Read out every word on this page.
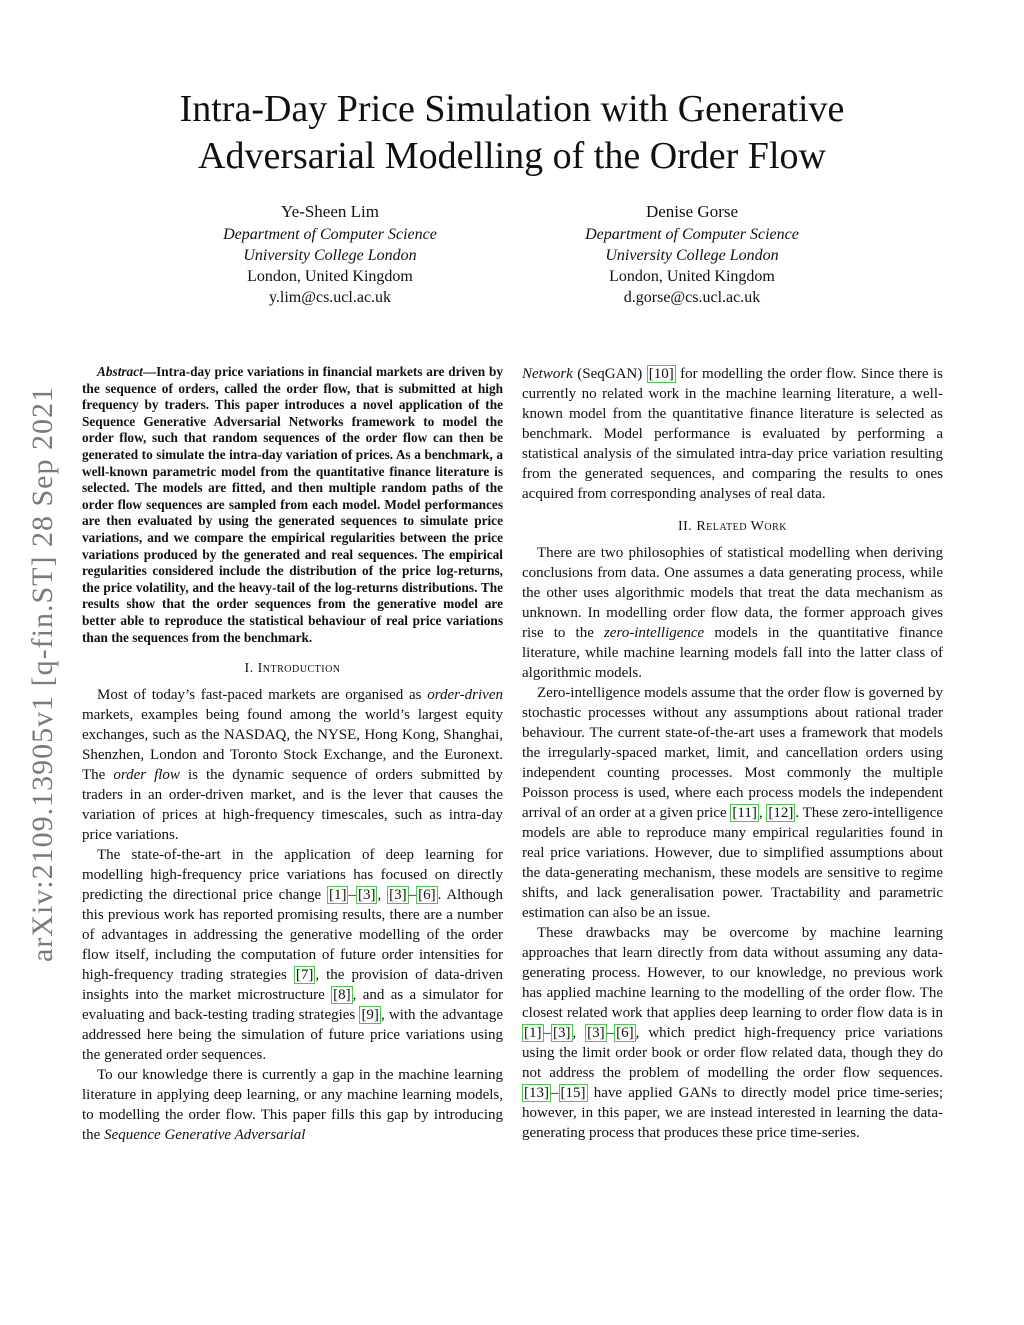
arXiv:2109.13905v1 [q-fin.ST] 28 Sep 2021
Intra-Day Price Simulation with Generative Adversarial Modelling of the Order Flow
Ye-Sheen Lim
Department of Computer Science
University College London
London, United Kingdom
y.lim@cs.ucl.ac.uk
Denise Gorse
Department of Computer Science
University College London
London, United Kingdom
d.gorse@cs.ucl.ac.uk

Abstract—Intra-day price variations in financial markets are driven by the sequence of orders, called the order flow, that is submitted at high frequency by traders. This paper introduces a novel application of the Sequence Generative Adversarial Networks framework to model the order flow, such that random sequences of the order flow can then be generated to simulate the intra-day variation of prices. As a benchmark, a well-known parametric model from the quantitative finance literature is selected. The models are fitted, and then multiple random paths of the order flow sequences are sampled from each model. Model performances are then evaluated by using the generated sequences to simulate price variations, and we compare the empirical regularities between the price variations produced by the generated and real sequences. The empirical regularities considered include the distribution of the price log-returns, the price volatility, and the heavy-tail of the log-returns distributions. The results show that the order sequences from the generative model are better able to reproduce the statistical behaviour of real price variations than the sequences from the benchmark.

I. Introduction

Most of today’s fast-paced markets are organised as order-driven markets, examples being found among the world’s largest equity exchanges, such as the NASDAQ, the NYSE, Hong Kong, Shanghai, Shenzhen, London and Toronto Stock Exchange, and the Euronext. The order flow is the dynamic sequence of orders submitted by traders in an order-driven market, and is the lever that causes the variation of prices at high-frequency timescales, such as intra-day price variations.

The state-of-the-art in the application of deep learning for modelling high-frequency price variations has focused on directly predicting the directional price change [1] – [3] , [3] – [6] . Although this previous work has reported promising results, there are a number of advantages in addressing the generative modelling of the order flow itself, including the computation of future order intensities for high-frequency trading strategies [7] , the provision of data-driven insights into the market microstructure [8] , and as a simulator for evaluating and back-testing trading strategies [9] , with the advantage addressed here being the simulation of future price variations using the generated order sequences.

To our knowledge there is currently a gap in the machine learning literature in applying deep learning, or any machine learning models, to modelling the order flow. This paper fills this gap by introducing the Sequence Generative Adversarial

Network (SeqGAN) [10] for modelling the order flow. Since there is currently no related work in the machine learning literature, a well-known model from the quantitative finance literature is selected as benchmark. Model performance is evaluated by performing a statistical analysis of the simulated intra-day price variation resulting from the generated sequences, and comparing the results to ones acquired from corresponding analyses of real data.

II. Related Work

There are two philosophies of statistical modelling when deriving conclusions from data. One assumes a data generating process, while the other uses algorithmic models that treat the data mechanism as unknown. In modelling order flow data, the former approach gives rise to the zero-intelligence models in the quantitative finance literature, while machine learning models fall into the latter class of algorithmic models.

Zero-intelligence models assume that the order flow is governed by stochastic processes without any assumptions about rational trader behaviour. The current state-of-the-art uses a framework that models the irregularly-spaced market, limit, and cancellation orders using independent counting processes. Most commonly the multiple Poisson process is used, where each process models the independent arrival of an order at a given price [11] , [12] . These zero-intelligence models are able to reproduce many empirical regularities found in real price variations. However, due to simplified assumptions about the data-generating mechanism, these models are sensitive to regime shifts, and lack generalisation power. Tractability and parametric estimation can also be an issue.

These drawbacks may be overcome by machine learning approaches that learn directly from data without assuming any data-generating process. However, to our knowledge, no previous work has applied machine learning to the modelling of the order flow. The closest related work that applies deep learning to order flow data is in [1] – [3] , [3] – [6] , which predict high-frequency price variations using the limit order book or order flow related data, though they do not address the problem of modelling the order flow sequences. [13] – [15] have applied GANs to directly model price time-series; however, in this paper, we are instead interested in learning the data-generating process that produces these price time-series.
